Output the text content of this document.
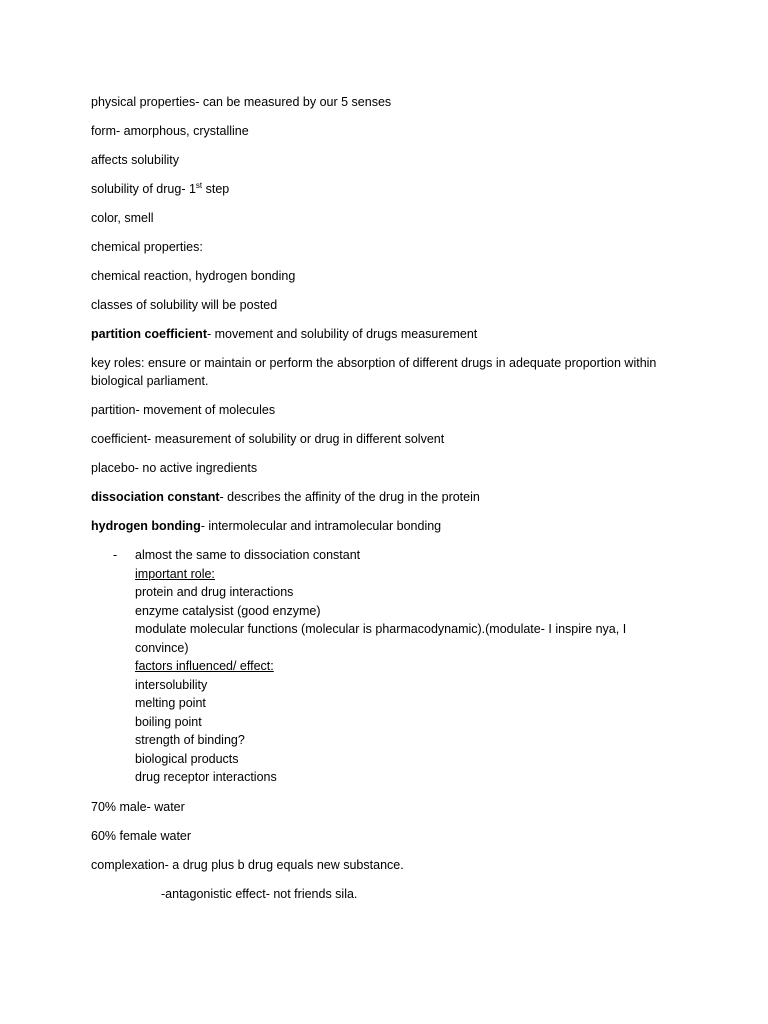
physical properties- can be measured by our 5 senses

form- amorphous, crystalline

affects solubility

solubility of drug- 1st step

color, smell

chemical properties:

chemical reaction, hydrogen bonding

classes of solubility will be posted

partition coefficient- movement and solubility of drugs measurement

key roles: ensure or maintain or perform the absorption of different drugs in adequate proportion within biological parliament.

partition- movement of molecules

coefficient- measurement of solubility or drug in different solvent

placebo- no active ingredients

dissociation constant- describes the affinity of the drug in the protein

hydrogen bonding- intermolecular and intramolecular bonding

- almost the same to dissociation constant
important role:
protein and drug interactions
enzyme catalysist (good enzyme)
modulate molecular functions (molecular is pharmacodynamic).(modulate- I inspire nya, I convince)
factors influenced/ effect:
intersolubility
melting point
boiling point
strength of binding?
biological products
drug receptor interactions

70% male- water

60% female water

complexation- a drug plus b drug equals new substance.

-antagonistic effect- not friends sila.
